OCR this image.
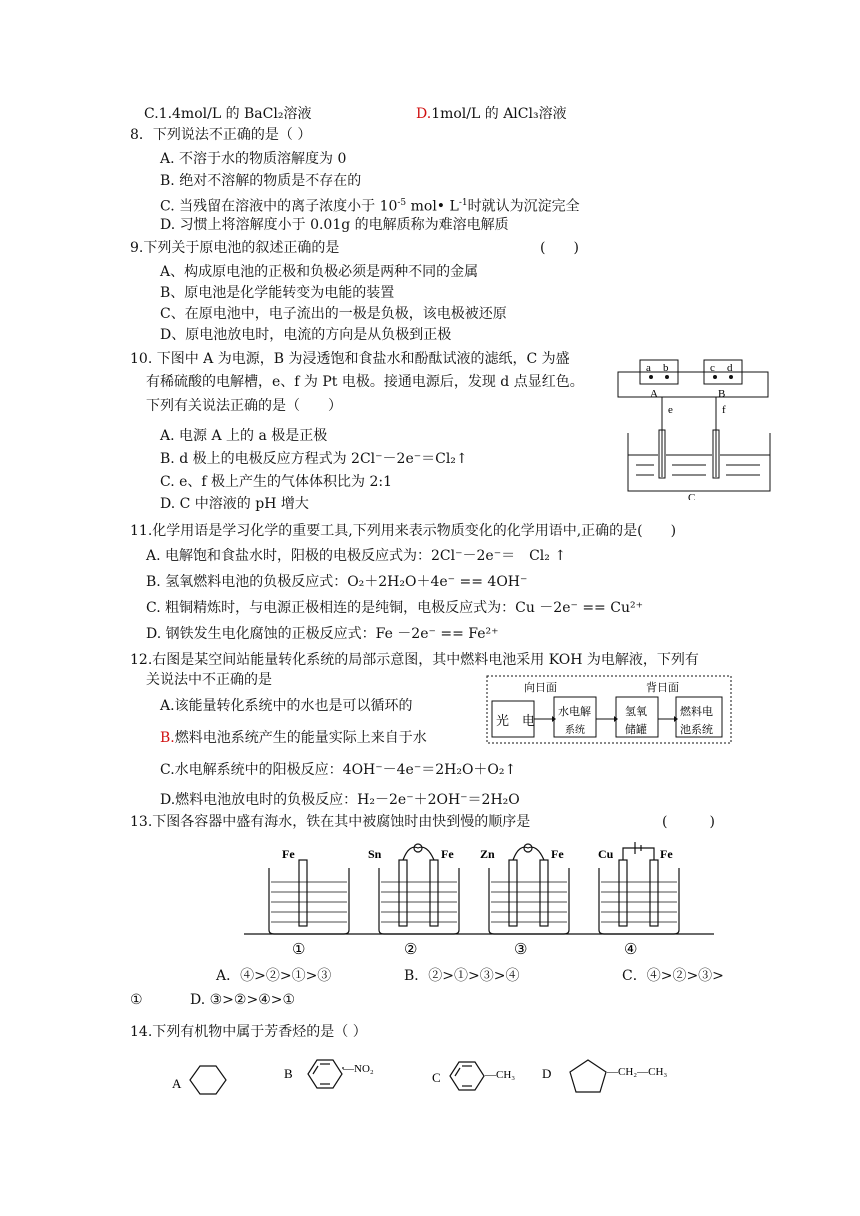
C.1.4mol/L 的 BaCl₂溶液	D.1mol/L 的 AlCl₃溶液
8．下列说法不正确的是（ ）
A. 不溶于水的物质溶解度为 0
B. 绝对不溶解的物质是不存在的
C. 当残留在溶液中的离子浓度小于 $10^{-5}$ mol• $L^{-1}$时就认为沉淀完全
D. 习惯上将溶解度小于 0.01g 的电解质称为难溶电解质
9.下列关于原电池的叙述正确的是	(　　)
A、构成原电池的正极和负极必须是两种不同的金属
B、原电池是化学能转变为电能的装置
C、在原电池中，电子流出的一极是负极，该电极被还原
D、原电池放电时，电流的方向是从负极到正极
10. 下图中 A 为电源，B 为浸透饱和食盐水和酚酞试液的滤纸，C 为盛
有稀硫酸的电解槽，e、f 为 Pt 电极。接通电源后，发现 d 点显红色。
下列有关说法正确的是（　　）
A. 电源 A 上的 a 极是正极
B. d 极上的电极反应方程式为 2Cl⁻－2e⁻＝Cl₂↑
C. e、f 极上产生的气体体积比为 2:1
D. C 中溶液的 pH 增大
a b	c d
A	B
e	f
C
11.化学用语是学习化学的重要工具,下列用来表示物质变化的化学用语中,正确的是(　　)
A. 电解饱和食盐水时，阳极的电极反应式为：2Cl⁻－2e⁻＝　Cl₂ ↑
B. 氢氧燃料电池的负极反应式：O₂＋2H₂O＋4e⁻ == 4OH⁻
C. 粗铜精炼时，与电源正极相连的是纯铜，电极反应式为：Cu －2e⁻ == Cu²⁺
D. 钢铁发生电化腐蚀的正极反应式：Fe －2e⁻ == Fe²⁺
12.右图是某空间站能量转化系统的局部示意图，其中燃料电池采用 KOH 为电解液，下列有
关说法中不正确的是
A.该能量转化系统中的水也是可以循环的
B.燃料电池系统产生的能量实际上来自于水
C.水电解系统中的阳极反应：4OH⁻－4e⁻＝2H₂O＋O₂↑
D.燃料电池放电时的负极反应：H₂－2e⁻＋2OH⁻＝2H₂O
向日面	背日面
光　电
水电解
系统
氢氧
储罐
燃料电
池系统
13.下图各容器中盛有海水，铁在其中被腐蚀时由快到慢的顺序是	(　　　)
Fe	Sn	Fe Zn	Fe	Cu	Fe
①	②	③	④
A．④>②>①>③	B．②>①>③>④	C．④>②>③>
①	D. ③>②>④>①
14.下列有机物中属于芳香烃的是（ ）
A
B	C	D
—NO₂	—CH₃	—CH₂—CH₃
